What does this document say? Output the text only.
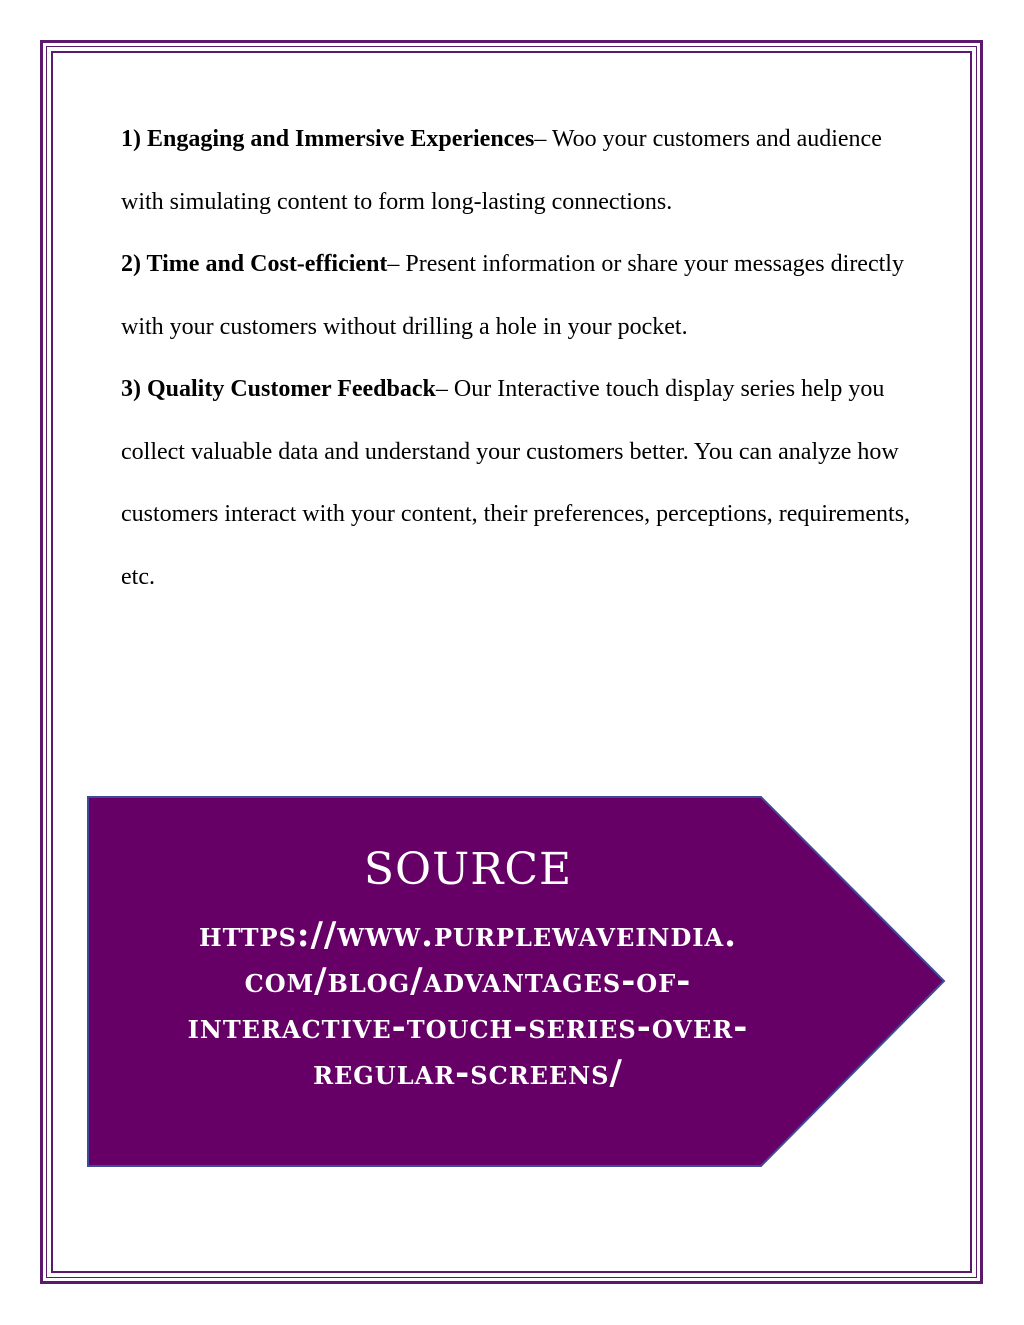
1) Engaging and Immersive Experiences– Woo your customers and audience with simulating content to form long-lasting connections.

2) Time and Cost-efficient– Present information or share your messages directly with your customers without drilling a hole in your pocket.

3) Quality Customer Feedback– Our Interactive touch display series help you collect valuable data and understand your customers better. You can analyze how customers interact with your content, their preferences, perceptions, requirements, etc.

SOURCE
https://www.purplewaveindia.
com/blog/advantages-of-
interactive-touch-series-over-
regular-screens/
